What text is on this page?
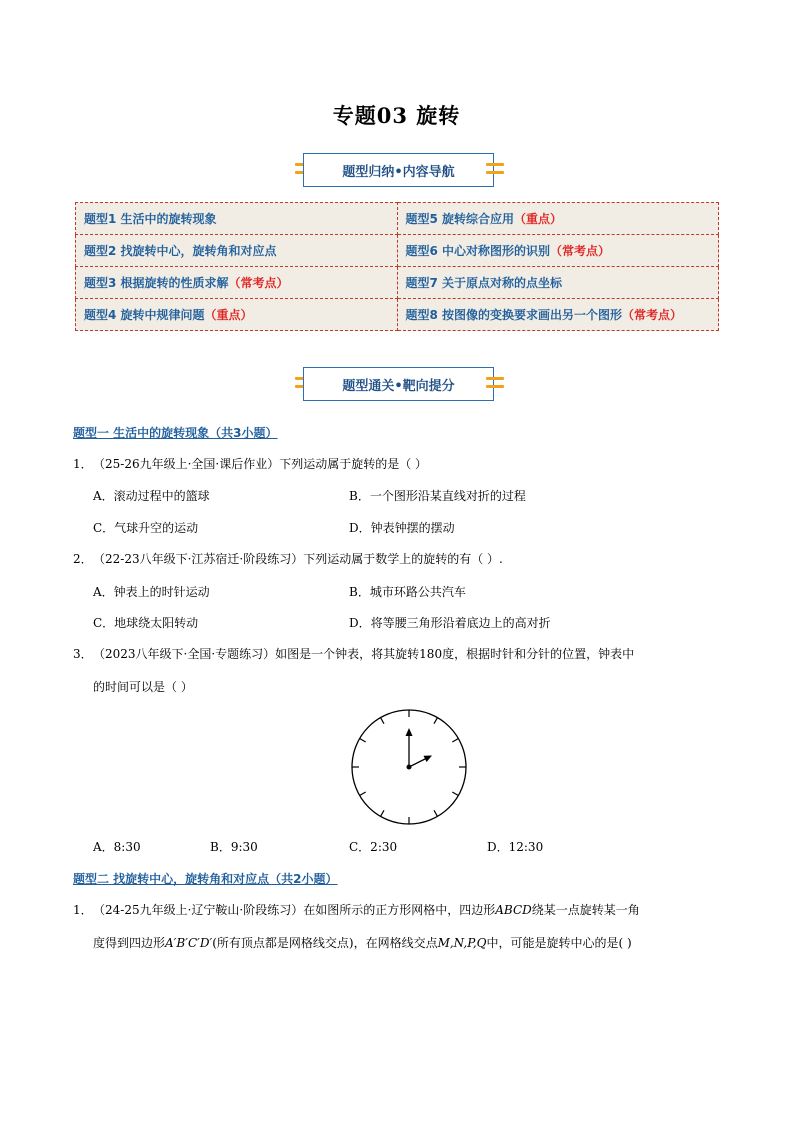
专题03 旋转
题型归纳•内容导航
题型1 生活中的旋转现象	题型5 旋转综合应用（重点）
题型2 找旋转中心，旋转角和对应点	题型6 中心对称图形的识别（常考点）
题型3 根据旋转的性质求解（常考点）	题型7 关于原点对称的点坐标
题型4 旋转中规律问题（重点）	题型8 按图像的变换要求画出另一个图形（常考点）
题型通关•靶向提分
题型一 生活中的旋转现象（共3小题）
1．（25-26九年级上·全国·课后作业）下列运动属于旋转的是（ ）
A．滚动过程中的篮球	B．一个图形沿某直线对折的过程
C．气球升空的运动	D．钟表钟摆的摆动
2．（22-23八年级下·江苏宿迁·阶段练习）下列运动属于数学上的旋转的有（ ）.
A．钟表上的时针运动	B．城市环路公共汽车
C．地球绕太阳转动	D．将等腰三角形沿着底边上的高对折
3．（2023八年级下·全国·专题练习）如图是一个钟表，将其旋转180度，根据时针和分针的位置，钟表中
的时间可以是（ ）
A．8:30	B．9:30	C．2:30	D．12:30
题型二 找旋转中心，旋转角和对应点（共2小题）
1．（24-25九年级上·辽宁鞍山·阶段练习）在如图所示的正方形网格中，四边形ABCD绕某一点旋转某一角
度得到四边形A′B′C′D′(所有顶点都是网格线交点)，在网格线交点M,N,P,Q中，可能是旋转中心的是( )
